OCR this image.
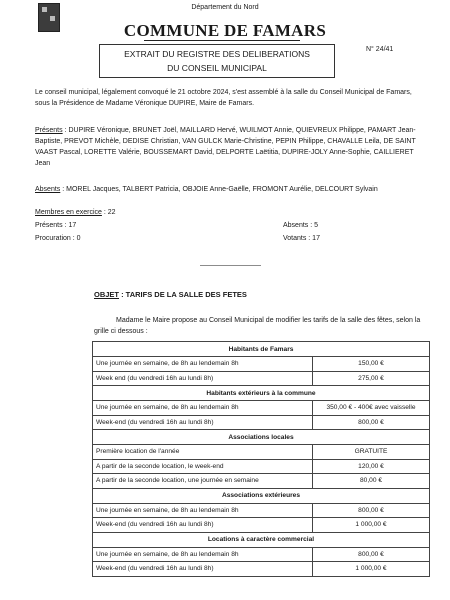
Département du Nord
COMMUNE DE FAMARS
EXTRAIT DU REGISTRE DES DELIBERATIONS
DU CONSEIL MUNICIPAL
N° 24/41
Le conseil municipal, légalement convoqué le 21 octobre 2024, s'est assemblé à la salle du Conseil Municipal de Famars, sous la Présidence de Madame Véronique DUPIRE, Maire de Famars.
Présents : DUPIRE Véronique, BRUNET Joël, MAILLARD Hervé, WUILMOT Annie, QUIEVREUX Philippe, PAMART Jean-Baptiste, PREVOT Michèle, DEDISE Christian, VAN GULCK Marie-Christine, PEPIN Philippe, CHAVALLE Leila, DE SAINT VAAST Pascal, LORETTE Valérie, BOUSSEMART David, DELPORTE Laëtitia, DUPIRE-JOLY Anne-Sophie, CAILLIERET Jean
Absents : MOREL Jacques, TALBERT Patricia, OBJOIE Anne-Gaëlle, FROMONT Aurélie, DELCOURT Sylvain
Membres en exercice : 22
Présents : 17	Absents : 5
Procuration : 0	Votants : 17
——————————
OBJET : TARIFS DE LA SALLE DES FETES
Madame le Maire propose au Conseil Municipal de modifier les tarifs de la salle des fêtes, selon la grille ci dessous :
Habitants de Famars	
Une journée en semaine, de 8h au lendemain 8h	150,00 €
Week end (du vendredi 16h au lundi 8h)	275,00 €
Habitants extérieurs à la commune	
Une journée en semaine, de 8h au lendemain 8h	350,00 € - 400€ avec vaisselle
Week-end (du vendredi 16h au lundi 8h)	800,00 €
Associations locales	
Première location de l'année	GRATUITE
A partir de la seconde location, le week-end	120,00 €
A partir de la seconde location, une journée en semaine	80,00 €
Associations extérieures	
Une journée en semaine, de 8h au lendemain 8h	800,00 €
Week-end (du vendredi 16h au lundi 8h)	1 000,00 €
Locations à caractère commercial	
Une journée en semaine, de 8h au lendemain 8h	800,00 €
Week-end (du vendredi 16h au lundi 8h)	1 000,00 €
